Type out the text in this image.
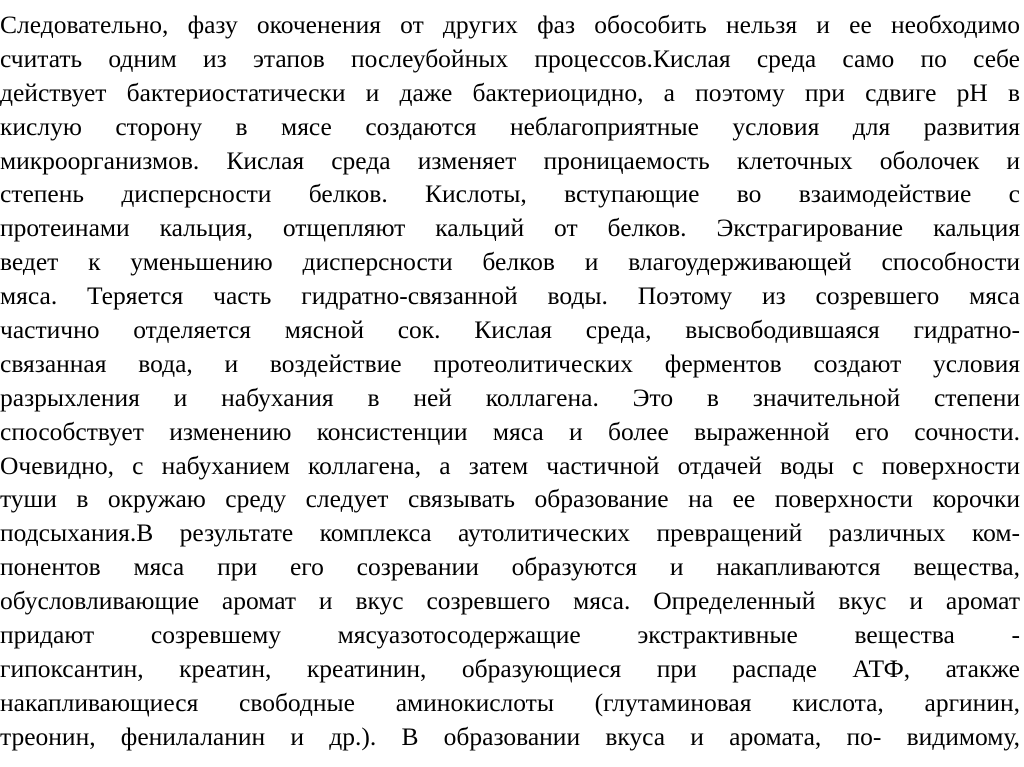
Следовательно, фазу окоченения от других фаз обособить нельзя и ее необходимо
считать одним из этапов послеубойных процессов.Кислая среда само по себе
действует бактериостатически и даже бактериоцидно, а поэтому при сдвиге pH в
кислую сторону в мясе создаются неблагоприятные условия для развития
микроорганизмов. Кислая среда изменяет проницаемость клеточных оболочек и
степень дисперсности белков. Кислоты, вступающие во взаимодействие с
протеинами кальция, отщепляют кальций от белков. Экстрагирование кальция
ведет к уменьшению дисперсности белков и влагоудерживающей способности
мяса. Теряется часть гидратно-связанной воды. Поэтому из созревшего мяса
частично отделяется мясной сок. Кислая среда, высвободившаяся гидратно-
связанная вода, и воздействие протеолитических ферментов создают условия
разрыхления и набухания в ней коллагена. Это в значительной степени
способствует изменению консистенции мяса и более выраженной его сочности.
Очевидно, с набуханием коллагена, а затем частичной отдачей воды с поверхности
туши в окружаю среду следует связывать образование на ее поверхности корочки
подсыхания.В результате комплекса аутолитических превращений различных ком-
понентов мяса при его созревании образуются и накапливаются вещества,
обусловливающие аромат и вкус созревшего мяса. Определенный вкус и аромат
придают созревшему мясуазотосодержащие экстрактивные вещества -
гипоксантин, креатин, креатинин, образующиеся при распаде АТФ, атакже
накапливающиеся свободные аминокислоты (глутаминовая кислота, аргинин,
треонин, фенилаланин и др.). В образовании вкуса и аромата, по- видимому,
